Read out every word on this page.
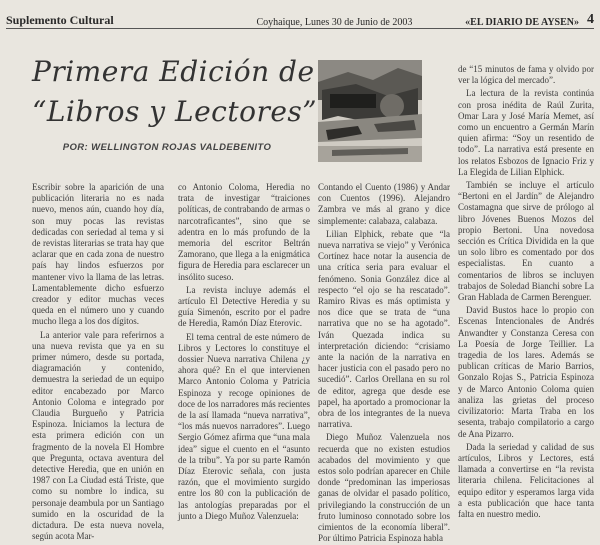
Suplemento Cultural	Coyhaique, Lunes 30 de Junio de 2003	«EL DIARIO DE AYSEN» 4
Primera Edición de
“Libros y Lectores”
POR: WELLINGTON ROJAS VALDEBENITO

Escribir sobre la aparición de una publicación literaria no es nada nuevo, menos aún, cuando hoy día, son muy pocas las revistas dedicadas con seriedad al tema y si de revistas literarias se trata hay que aclarar que en cada zona de nuestro país hay lindos esfuerzos por mantener vivo la llama de las letras. Lamentablemente dicho esfuerzo creador y editor muchas veces queda en el número uno y cuando mucho llega a los dos dígitos.

La anterior vale para referirnos a una nueva revista que ya en su primer número, desde su portada, diagramación y contenido, demuestra la seriedad de un equipo editor encabezado por Marco Antonio Coloma e integrado por Claudia Burgueño y Patricia Espinoza. Iniciamos la lectura de esta primera edición con un fragmento de la novela El Hombre que Pregunta, octava aventura del detective Heredia, que en unión en 1987 con La Ciudad está Triste, que como su nombre lo indica, su personaje deambula por un Santiago sumido en la oscuridad de la dictadura. De esta nueva novela, según acota Mar-

co Antonio Coloma, Heredia no trata de investigar “traiciones políticas, de contrabando de armas o narcotraficantes”, sino que se adentra en lo más profundo de la memoria del escritor Beltrán Zamorano, que llega a la enigmática figura de Heredia para esclarecer un insólito suceso.

La revista incluye además el artículo El Detective Heredia y su guía Simenón, escrito por el padre de Heredia, Ramón Díaz Eterovic.

El tema central de este número de Libros y Lectores lo constituye el dossier Nueva narrativa Chilena ¿y ahora qué? En el que intervienen Marco Antonio Coloma y Patricia Espinoza y recoge opiniones de doce de los narradores más recientes de la así llamada “nueva narrativa”, “los más nuevos narradores”. Luego Sergio Gómez afirma que “una mala idea” sigue el cuento en el “asunto de la tribu”. Ya por su parte Ramón Díaz Eterovic señala, con justa razón, que el movimiento surgido entre los 80 con la publicación de las antologías preparadas por el junto a Diego Muñoz Valenzuela:

Contando el Cuento (1986) y Andar con Cuentos (1996). Alejandro Zambra ve más al grano y dice simplemente: calabaza, calabaza.

Lilian Elphick, rebate que “la nueva narrativa se viejo” y Verónica Cortínez hace notar la ausencia de una crítica seria para evaluar el fenómeno. Sonia González dice al respecto “el ojo se ha rescatado”. Ramiro Rivas es más optimista y nos dice que se trata de “una narrativa que no se ha agotado”. Iván Quezada indica su interpretación diciendo: “crisiamo ante la nación de la narrativa en hacer justicia con el pasado pero no sucedió”. Carlos Orellana en su rol de editor, agrega que desde ese papel, ha aportado a promocionar la obra de los integrantes de la nueva narrativa.

Diego Muñoz Valenzuela nos recuerda que no existen estudios acabados del movimiento y que estos solo podrían aparecer en Chile donde “predominan las imperiosas ganas de olvidar el pasado político, privilegiando la construcción de un fruto luminoso connotado sobre los cimientos de la economía liberal”. Por último Patricia Espinoza habla

de “15 minutos de fama y olvido por ver la lógica del mercado”.

La lectura de la revista continúa con prosa inédita de Raúl Zurita, Omar Lara y José María Memet, así como un encuentro a Germán Marín quien afirma: “Soy un resentido de todo”. La narrativa está presente en los relatos Esbozos de Ignacio Friz y La Elegida de Lilian Elphick.

También se incluye el artículo “Bertoni en el Jardín” de Alejandro Costamagna que sirve de prólogo al libro Jóvenes Buenos Mozos del propio Bertoni. Una novedosa sección es Crítica Dividida en la que un solo libro es comentado por dos especialistas. En cuanto a comentarios de libros se incluyen trabajos de Soledad Bianchi sobre La Gran Hablada de Carmen Berenguer.

David Bustos hace lo propio con Escenas Intencionales de Andrés Anwandter y Constanza Ceresa con La Poesía de Jorge Teillier. La tragedia de los lares. Además se publican críticas de Mario Barrios, Gonzalo Rojas S., Patricia Espinoza y de Marco Antonio Coloma quien analiza las grietas del proceso civilizatorio: Marta Traba en los sesenta, trabajo compilatorio a cargo de Ana Pizarro.

Dada la seriedad y calidad de sus artículos, Libros y Lectores, está llamada a convertirse en “la revista literaria chilena. Felicitaciones al equipo editor y esperamos larga vida a esta publicación que hace tanta falta en nuestro medio.
